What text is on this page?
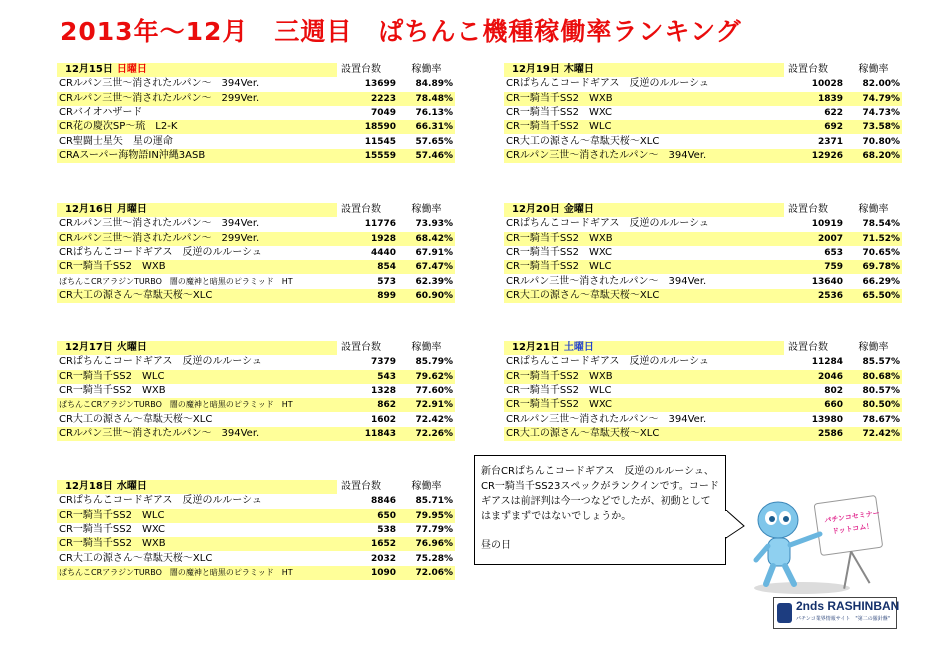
2013年～12月　三週目　ぱちんこ機種稼働率ランキング
12月15日 日曜日	設置台数	稼働率
CRルパン三世～消されたルパン～　394Ver.	13699	84.89%
CRルパン三世～消されたルパン～　299Ver.	2223	78.48%
CRバイオハザード	7049	76.13%
CR花の慶次SP～琉　L2-K	18590	66.31%
CR聖闘士星矢　星の運命	11545	57.65%
CRAスーパー海物語IN沖縄3ASB	15559	57.46%
12月16日 月曜日	設置台数	稼働率
CRルパン三世～消されたルパン～　394Ver.	11776	73.93%
CRルパン三世～消されたルパン～　299Ver.	1928	68.42%
CRぱちんこコードギアス　反逆のルルーシュ	4440	67.91%
CR一騎当千SS2　WXB	854	67.47%
ぱちんこCRアラジンTURBO　闇の魔神と暗黒のピラミッド　HT	573	62.39%
CR大工の源さん～韋駄天桜～XLC	899	60.90%
12月17日 火曜日	設置台数	稼働率
CRぱちんこコードギアス　反逆のルルーシュ	7379	85.79%
CR一騎当千SS2　WLC	543	79.62%
CR一騎当千SS2　WXB	1328	77.60%
ぱちんこCRアラジンTURBO　闇の魔神と暗黒のピラミッド　HT	862	72.91%
CR大工の源さん～韋駄天桜～XLC	1602	72.42%
CRルパン三世～消されたルパン～　394Ver.	11843	72.26%
12月18日 水曜日	設置台数	稼働率
CRぱちんこコードギアス　反逆のルルーシュ	8846	85.71%
CR一騎当千SS2　WLC	650	79.95%
CR一騎当千SS2　WXC	538	77.79%
CR一騎当千SS2　WXB	1652	76.96%
CR大工の源さん～韋駄天桜～XLC	2032	75.28%
ぱちんこCRアラジンTURBO　闇の魔神と暗黒のピラミッド　HT	1090	72.06%
12月19日 木曜日	設置台数	稼働率
CRぱちんこコードギアス　反逆のルルーシュ	10028	82.00%
CR一騎当千SS2　WXB	1839	74.79%
CR一騎当千SS2　WXC	622	74.73%
CR一騎当千SS2　WLC	692	73.58%
CR大工の源さん～韋駄天桜～XLC	2371	70.80%
CRルパン三世～消されたルパン～　394Ver.	12926	68.20%
12月20日 金曜日	設置台数	稼働率
CRぱちんこコードギアス　反逆のルルーシュ	10919	78.54%
CR一騎当千SS2　WXB	2007	71.52%
CR一騎当千SS2　WXC	653	70.65%
CR一騎当千SS2　WLC	759	69.78%
CRルパン三世～消されたルパン～　394Ver.	13640	66.29%
CR大工の源さん～韋駄天桜～XLC	2536	65.50%
12月21日 土曜日	設置台数	稼働率
CRぱちんこコードギアス　反逆のルルーシュ	11284	85.57%
CR一騎当千SS2　WXB	2046	80.68%
CR一騎当千SS2　WLC	802	80.57%
CR一騎当千SS2　WXC	660	80.50%
CRルパン三世～消されたルパン～　394Ver.	13980	78.67%
CR大工の源さん～韋駄天桜～XLC	2586	72.42%
新台CRぱちんこコードギアス　反逆のルルーシュ、CR一騎当千SS23スペックがランクインです。コードギアスは前評判は今一つなどでしたが、初動としてはまずまずではないでしょうか。
昼の日
パチンコセミナー
ドットコム！
2nds RASHINBAN
パチンコ業界情報サイト　"第二の羅針盤"
